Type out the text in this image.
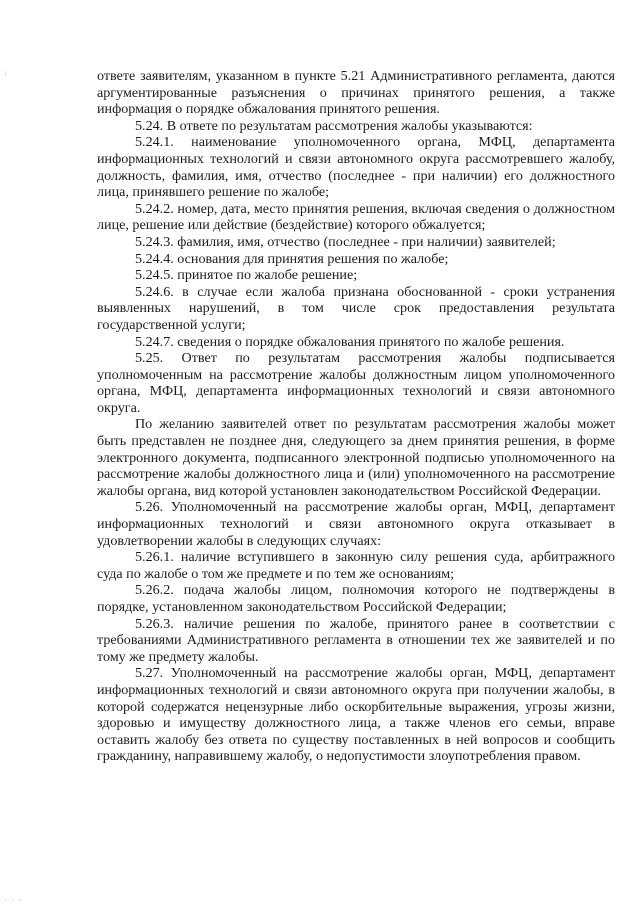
:	ответе заявителям, указанном в пункте 5.21 Административного регламента, даются аргументированные разъяснения о причинах принятого решения, а также информация о порядке обжалования принятого решения.

5.24. В ответе по результатам рассмотрения жалобы указываются:

5.24.1. наименование уполномоченного органа, МФЦ, департамента информационных технологий и связи автономного округа рассмотревшего жалобу, должность, фамилия, имя, отчество (последнее - при наличии) его должностного лица, принявшего решение по жалобе;

5.24.2. номер, дата, место принятия решения, включая сведения о должностном лице, решение или действие (бездействие) которого обжалуется;

5.24.3. фамилия, имя, отчество (последнее - при наличии) заявителей;

5.24.4. основания для принятия решения по жалобе;

5.24.5. принятое по жалобе решение;

5.24.6. в случае если жалоба признана обоснованной - сроки устранения выявленных нарушений, в том числе срок предоставления результата государственной услуги;

5.24.7. сведения о порядке обжалования принятого по жалобе решения.

5.25. Ответ по результатам рассмотрения жалобы подписывается уполномоченным на рассмотрение жалобы должностным лицом уполномоченного органа, МФЦ, департамента информационных технологий и связи автономного округа.

По желанию заявителей ответ по результатам рассмотрения жалобы может быть представлен не позднее дня, следующего за днем принятия решения, в форме электронного документа, подписанного электронной подписью уполномоченного на рассмотрение жалобы должностного лица и (или) уполномоченного на рассмотрение жалобы органа, вид которой установлен законодательством Российской Федерации.

5.26. Уполномоченный на рассмотрение жалобы орган, МФЦ, департамент информационных технологий и связи автономного округа отказывает в удовлетворении жалобы в следующих случаях:

5.26.1. наличие вступившего в законную силу решения суда, арбитражного суда по жалобе о том же предмете и по тем же основаниям;

5.26.2. подача жалобы лицом, полномочия которого не подтверждены в порядке, установленном законодательством Российской Федерации;

5.26.3. наличие решения по жалобе, принятого ранее в соответствии с требованиями Административного регламента в отношении тех же заявителей и по тому же предмету жалобы.

5.27. Уполномоченный на рассмотрение жалобы орган, МФЦ, департамент информационных технологий и связи автономного округа при получении жалобы, в которой содержатся нецензурные либо оскорбительные выражения, угрозы жизни, здоровью и имуществу должностного лица, а также членов его семьи, вправе оставить жалобу без ответа по существу поставленных в ней вопросов и сообщить гражданину, направившему жалобу, о недопустимости злоупотребления правом.

. . .
